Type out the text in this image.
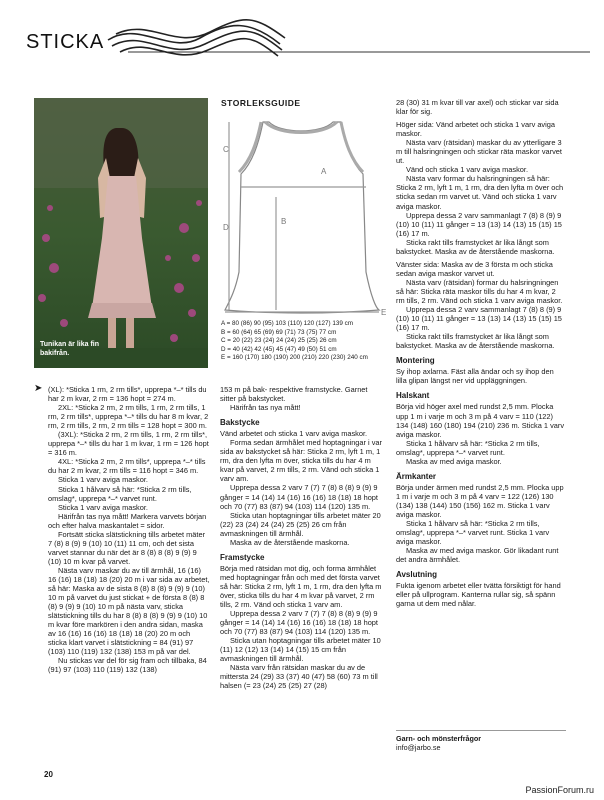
STICKA
Tunikan är lika fin bakifrån.
STORLEKSGUIDE
C
A
B
D
E
A = 80 (86) 90 (95) 103 (110) 120 (127) 139 cm
B = 60 (64) 65 (69) 69 (71) 73 (75) 77 cm
C = 20 (22) 23 (24) 24 (24) 25 (25) 26 cm
D = 40 (42) 42 (45) 45 (47) 49 (50) 51 cm
E = 160 (170) 180 (190) 200 (210) 220 (230) 240 cm
➤ (XL): *Sticka 1 rm, 2 rm tills*, upprepa *–* tills du har 2 m kvar, 2 rm = 136 hopt = 274 m.

2XL: *Sticka 2 rm, 2 rm tills, 1 rm, 2 rm tills, 1 rm, 2 rm tills*, upprepa *–* tills du har 8 m kvar, 2 rm, 2 rm tills, 2 rm, 2 rm tills = 128 hopt = 300 m.

(3XL): *Sticka 2 rm, 2 rm tills, 1 rm, 2 rm tills*, upprepa *–* tills du har 1 m kvar, 1 rm = 126 hopt = 316 m.

4XL: *Sticka 2 rm, 2 rm tills*, upprepa *–* tills du har 2 m kvar, 2 rm tills = 116 hopt = 346 m.

Sticka 1 varv aviga maskor.

Sticka 1 hålvarv så här: *Sticka 2 rm tills, omslag*, upprepa *–* varvet runt.

Sticka 1 varv aviga maskor.

Härifrån tas nya mått! Markera varvets början och efter halva maskantalet = sidor.

Fortsätt sticka slätstickning tills arbetet mäter 7 (8) 8 (9) 9 (10) 10 (11) 11 cm, och det sista varvet stannar du när det är 8 (8) 8 (8) 9 (9) 9 (10) 10 m kvar på varvet.

Nästa varv maskar du av till ärmhål, 16 (16) 16 (16) 18 (18) 18 (20) 20 m i var sida av arbetet, så här: Maska av de sista 8 (8) 8 (8) 9 (9) 9 (10) 10 m på varvet du just stickat + de första 8 (8) 8 (8) 9 (9) 9 (10) 10 m på nästa varv, sticka slätstickning tills du har 8 (8) 8 (8) 9 (9) 9 (10) 10 m kvar före markören i den andra sidan, maska av 16 (16) 16 (16) 18 (18) 18 (20) 20 m och sticka klart varvet i slätstickning = 84 (91) 97 (103) 110 (119) 132 (138) 153 m på var del.

Nu stickas var del för sig fram och tillbaka, 84 (91) 97 (103) 110 (119) 132 (138)

153 m på bak- respektive framstycke. Garnet sitter på bakstycket.

Härifrån tas nya mått!

Bakstycke

Vänd arbetet och sticka 1 varv aviga maskor.

Forma sedan ärmhålet med hoptagningar i var sida av bakstycket så här: Sticka 2 rm, lyft 1 m, 1 rm, dra den lyfta m över, sticka tills du har 4 m kvar på varvet, 2 rm tills, 2 rm. Vänd och sticka 1 varv am.

Upprepa dessa 2 varv 7 (7) 7 (8) 8 (8) 9 (9) 9 gånger = 14 (14) 14 (16) 16 (16) 18 (18) 18 hopt och 70 (77) 83 (87) 94 (103) 114 (120) 135 m.

Sticka utan hoptagningar tills arbetet mäter 20 (22) 23 (24) 24 (24) 25 (25) 26 cm från avmaskningen till ärmhål.

Maska av de återstående maskorna.

Framstycke

Börja med rätsidan mot dig, och forma ärmhålet med hoptagningar från och med det första varvet så här: Sticka 2 rm, lyft 1 m, 1 rm, dra den lyfta m över, sticka tills du har 4 m kvar på varvet, 2 rm tills, 2 rm. Vänd och sticka 1 varv am.

Upprepa dessa 2 varv 7 (7) 7 (8) 8 (8) 9 (9) 9 gånger = 14 (14) 14 (16) 16 (16) 18 (18) 18 hopt och 70 (77) 83 (87) 94 (103) 114 (120) 135 m.

Sticka utan hoptagningar tills arbetet mäter 10 (11) 12 (12) 13 (14) 14 (15) 15 cm från avmaskningen till ärmhål.

Nästa varv från rätsidan maskar du av de mittersta 24 (29) 33 (37) 40 (47) 58 (60) 73 m till halsen (= 23 (24) 25 (25) 27 (28)

28 (30) 31 m kvar till var axel) och stickar var sida klar för sig.

Höger sida: Vänd arbetet och sticka 1 varv aviga maskor.

Nästa varv (rätsidan) maskar du av ytterligare 3 m till halsringningen och stickar räta maskor varvet ut.

Vänd och sticka 1 varv aviga maskor.

Nästa varv formar du halsringningen så här: Sticka 2 rm, lyft 1 m, 1 rm, dra den lyfta m över och sticka sedan rm varvet ut. Vänd och sticka 1 varv aviga maskor.

Upprepa dessa 2 varv sammanlagt 7 (8) 8 (9) 9 (10) 10 (11) 11 gånger = 13 (13) 14 (13) 15 (15) 15 (16) 17 m.

Sticka rakt tills framstycket är lika långt som bakstycket. Maska av de återstående maskorna.

Vänster sida: Maska av de 3 första m och sticka sedan aviga maskor varvet ut.

Nästa varv (rätsidan) formar du halsringningen så här: Sticka räta maskor tills du har 4 m kvar, 2 rm tills, 2 rm. Vänd och sticka 1 varv aviga maskor.

Upprepa dessa 2 varv sammanlagt 7 (8) 8 (9) 9 (10) 10 (11) 11 gånger = 13 (13) 14 (13) 15 (15) 15 (16) 17 m.

Sticka rakt tills framstycket är lika långt som bakstycket. Maska av de återstående maskorna.

Montering

Sy ihop axlarna. Fäst alla ändar och sy ihop den lilla glipan längst ner vid uppläggningen.

Halskant

Börja vid höger axel med rundst 2,5 mm. Plocka upp 1 m i varje m och 3 m på 4 varv = 110 (122) 134 (148) 160 (180) 194 (210) 236 m. Sticka 1 varv aviga maskor.

Sticka 1 hålvarv så här: *Sticka 2 rm tills, omslag*, upprepa *–* varvet runt.

Maska av med aviga maskor.

Ärmkanter

Börja under ärmen med rundst 2,5 mm. Plocka upp 1 m i varje m och 3 m på 4 varv = 122 (126) 130 (134) 138 (144) 150 (156) 162 m. Sticka 1 varv aviga maskor.

Sticka 1 hålvarv så här: *Sticka 2 rm tills, omslag*, upprepa *–* varvet runt. Sticka 1 varv aviga maskor.

Maska av med aviga maskor. Gör likadant runt det andra ärmhålet.

Avslutning

Fukta igenom arbetet eller tvätta försiktigt för hand eller på ullprogram. Kanterna rullar sig, så spänn garna ut dem med nålar.

Garn- och mönsterfrågor
info@jarbo.se
20
PassionForum.ru
